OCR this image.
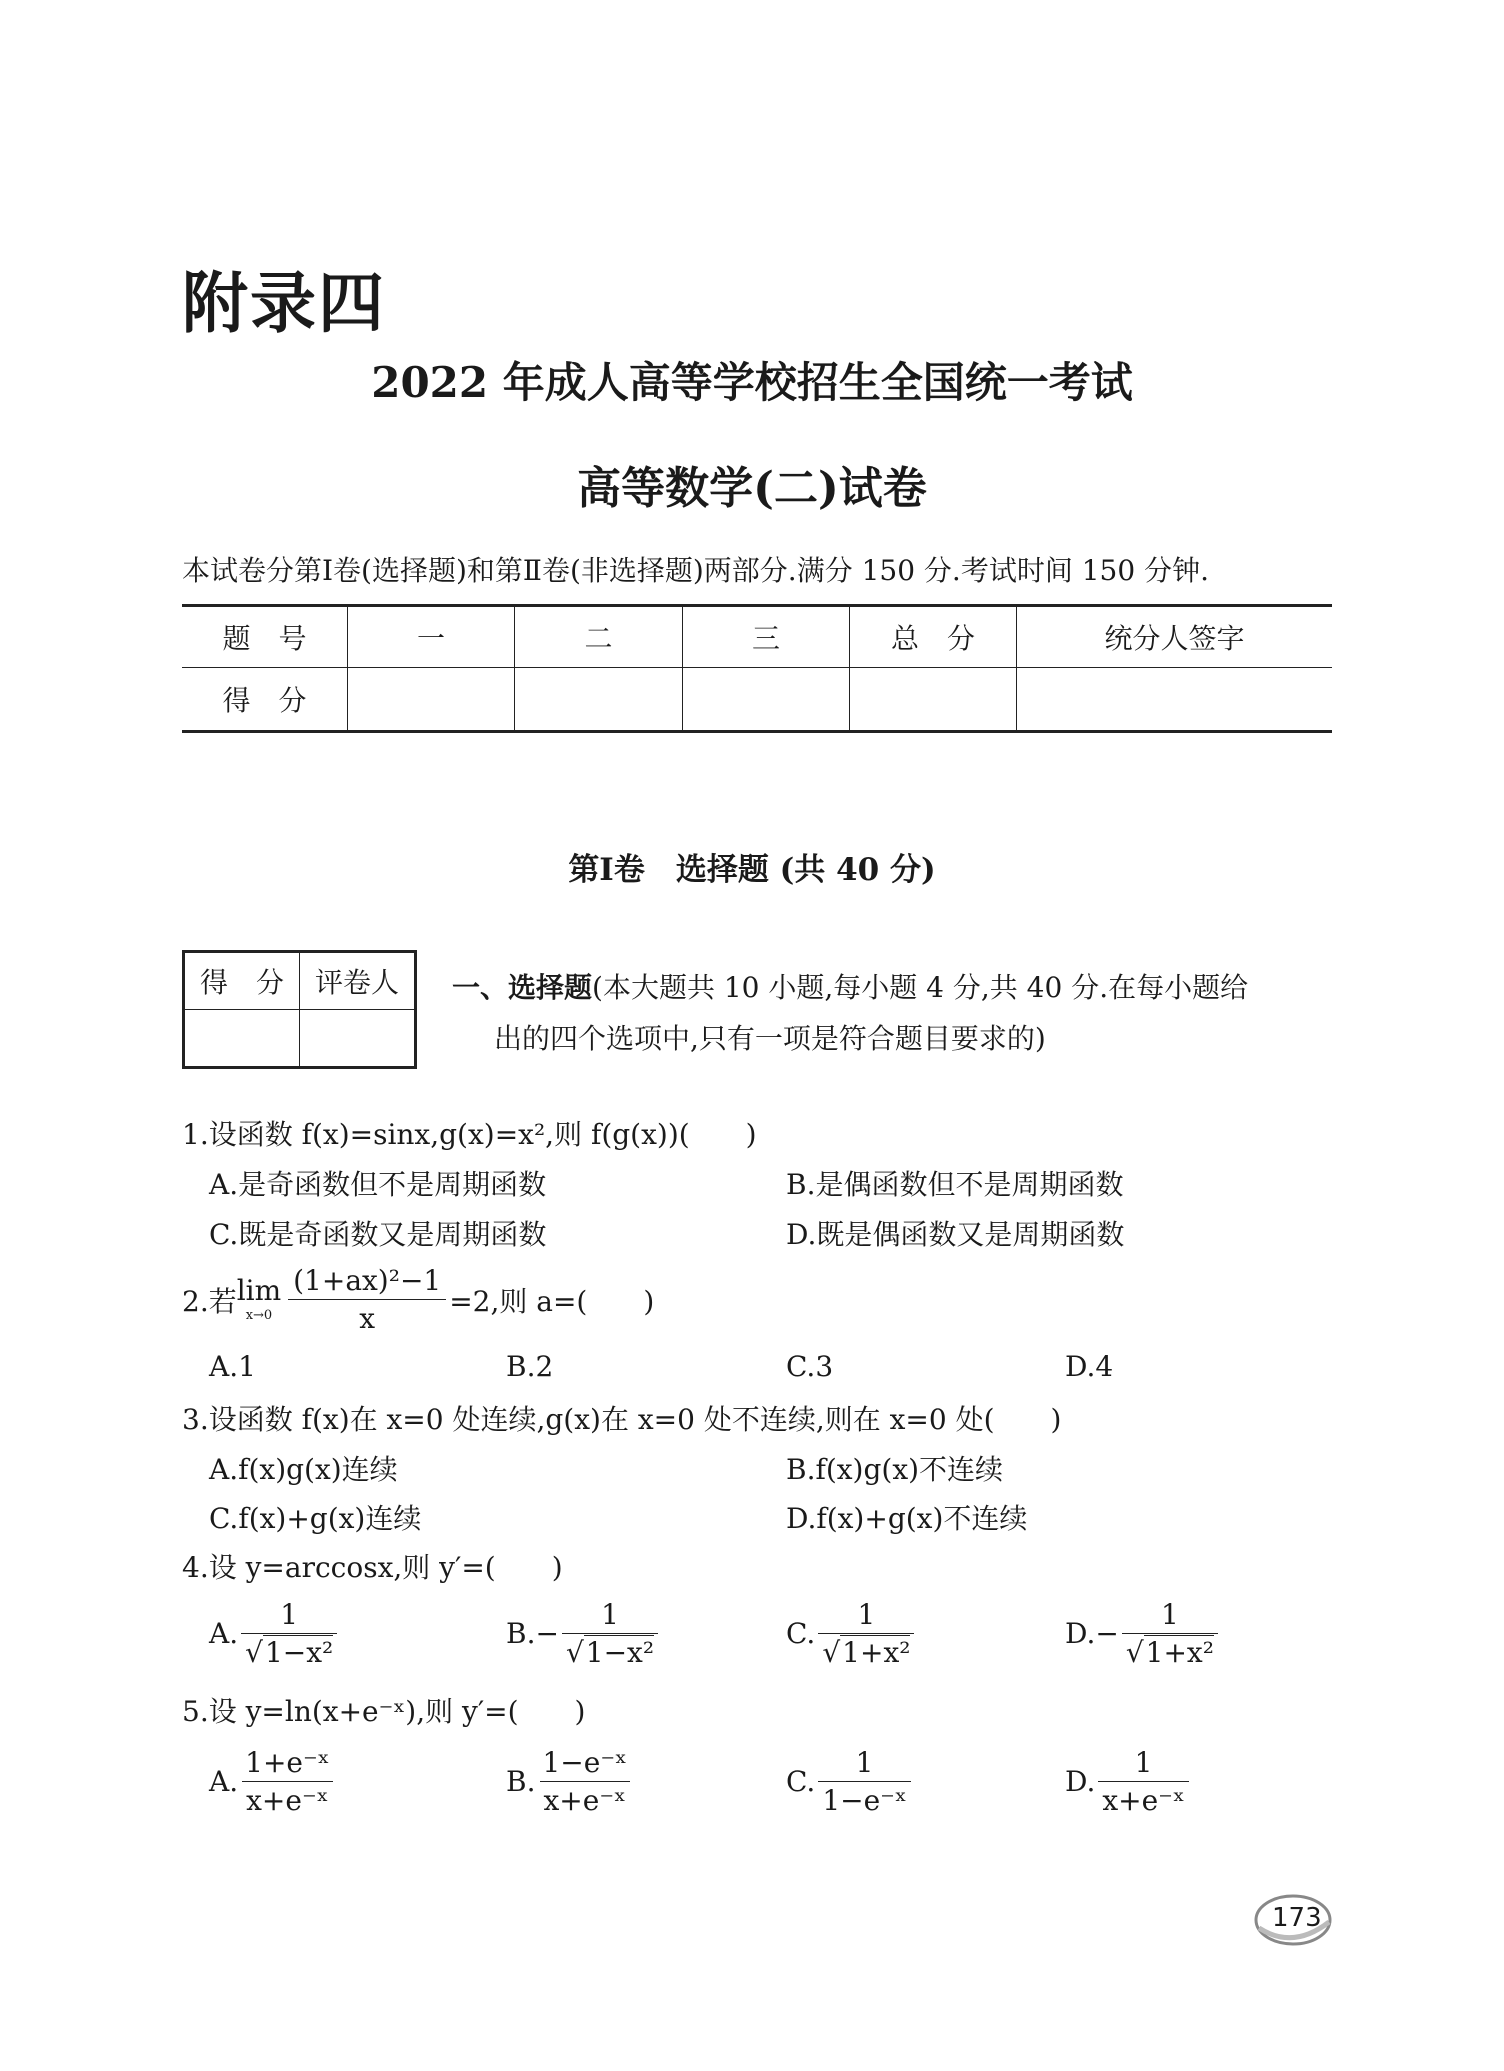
附录四
2022 年成人高等学校招生全国统一考试
高等数学(二)试卷
本试卷分第Ⅰ卷(选择题)和第Ⅱ卷(非选择题)两部分.满分 150 分.考试时间 150 分钟.
题　号	一	二	三	总　分	统分人签字
得　分					
第Ⅰ卷　选择题 (共 40 分)
得　分	评卷人
	一、选择题(本大题共 10 小题,每小题 4 分,共 40 分.在每小题给
出的四个选项中,只有一项是符合题目要求的)
1.设函数 f(x)=sinx,g(x)=x²,则 f(g(x))(　　)
A.是奇函数但不是周期函数	B.是偶函数但不是周期函数
C.既是奇函数又是周期函数	D.既是偶函数又是周期函数
2.若 lim
$x\to 0 \frac{\text{(1+ax)²−1}}{x} =2$,则 a=(　　)
A.1	B.2	C.3	D.4
3.设函数 f(x)在 x=0 处连续,g(x)在 x=0 处不连续,则在 x=0 处(　　)
A.f(x)g(x)连续	B.f(x)g(x)不连续
C.f(x)+g(x)连续	D.f(x)+g(x)不连续
4.设 y=arccosx,则 y′=(　　)
A. $\frac{1}{\text{√1−x²}}$	$B.- \frac{1}{\text{√1−x²}}$	C. $\frac{1}{\text{√1+x²}}$	$D.- \frac{1}{\text{√1+x²}}$
5.设 y=ln(x+e⁻ˣ),则 y′=(　　)
A. $\frac{\text{1+e⁻ˣ}}{\text{x+e⁻ˣ}}$	B. $\frac{\text{1−e⁻ˣ}}{\text{x+e⁻ˣ}}$	C. $\frac{1}{\text{1−e⁻ˣ}}$	D. $\frac{1}{\text{x+e⁻ˣ}}$
173
